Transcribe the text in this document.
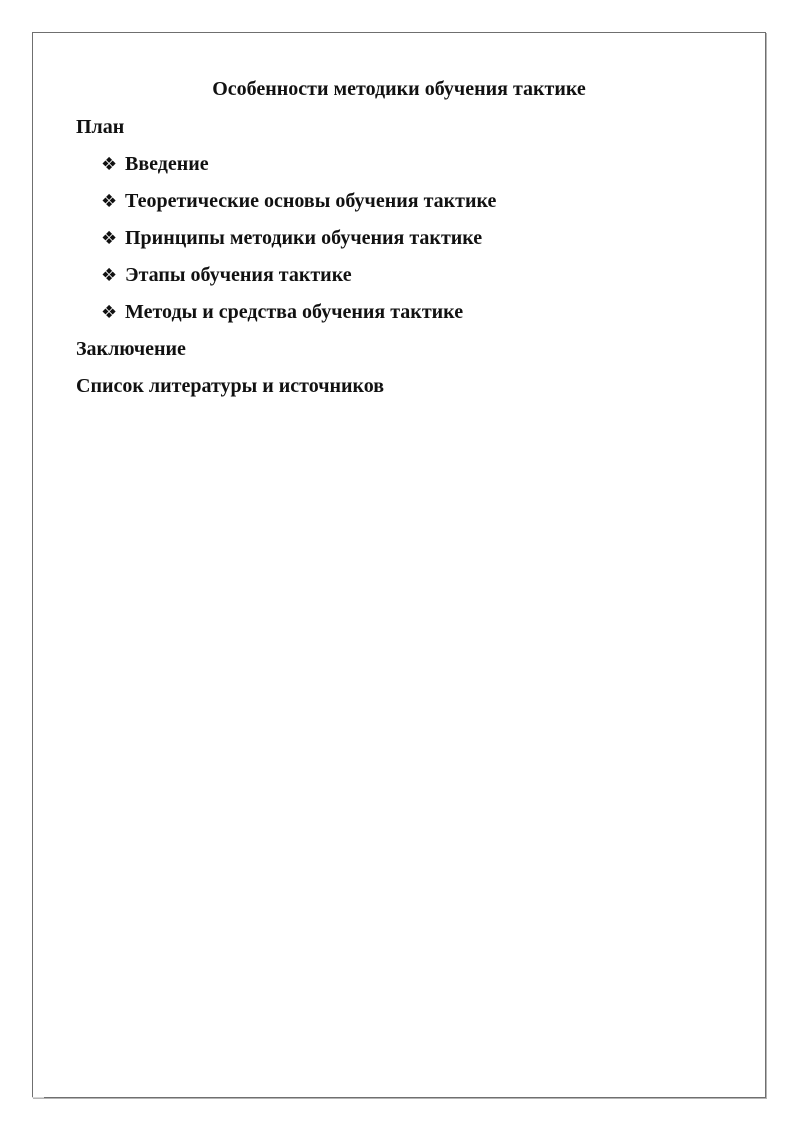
Особенности методики обучения тактике
План
❖ Введение
❖ Теоретические основы обучения тактике
❖ Принципы методики обучения тактике
❖ Этапы обучения тактике
❖ Методы и средства обучения тактике
Заключение
Список литературы и источников
